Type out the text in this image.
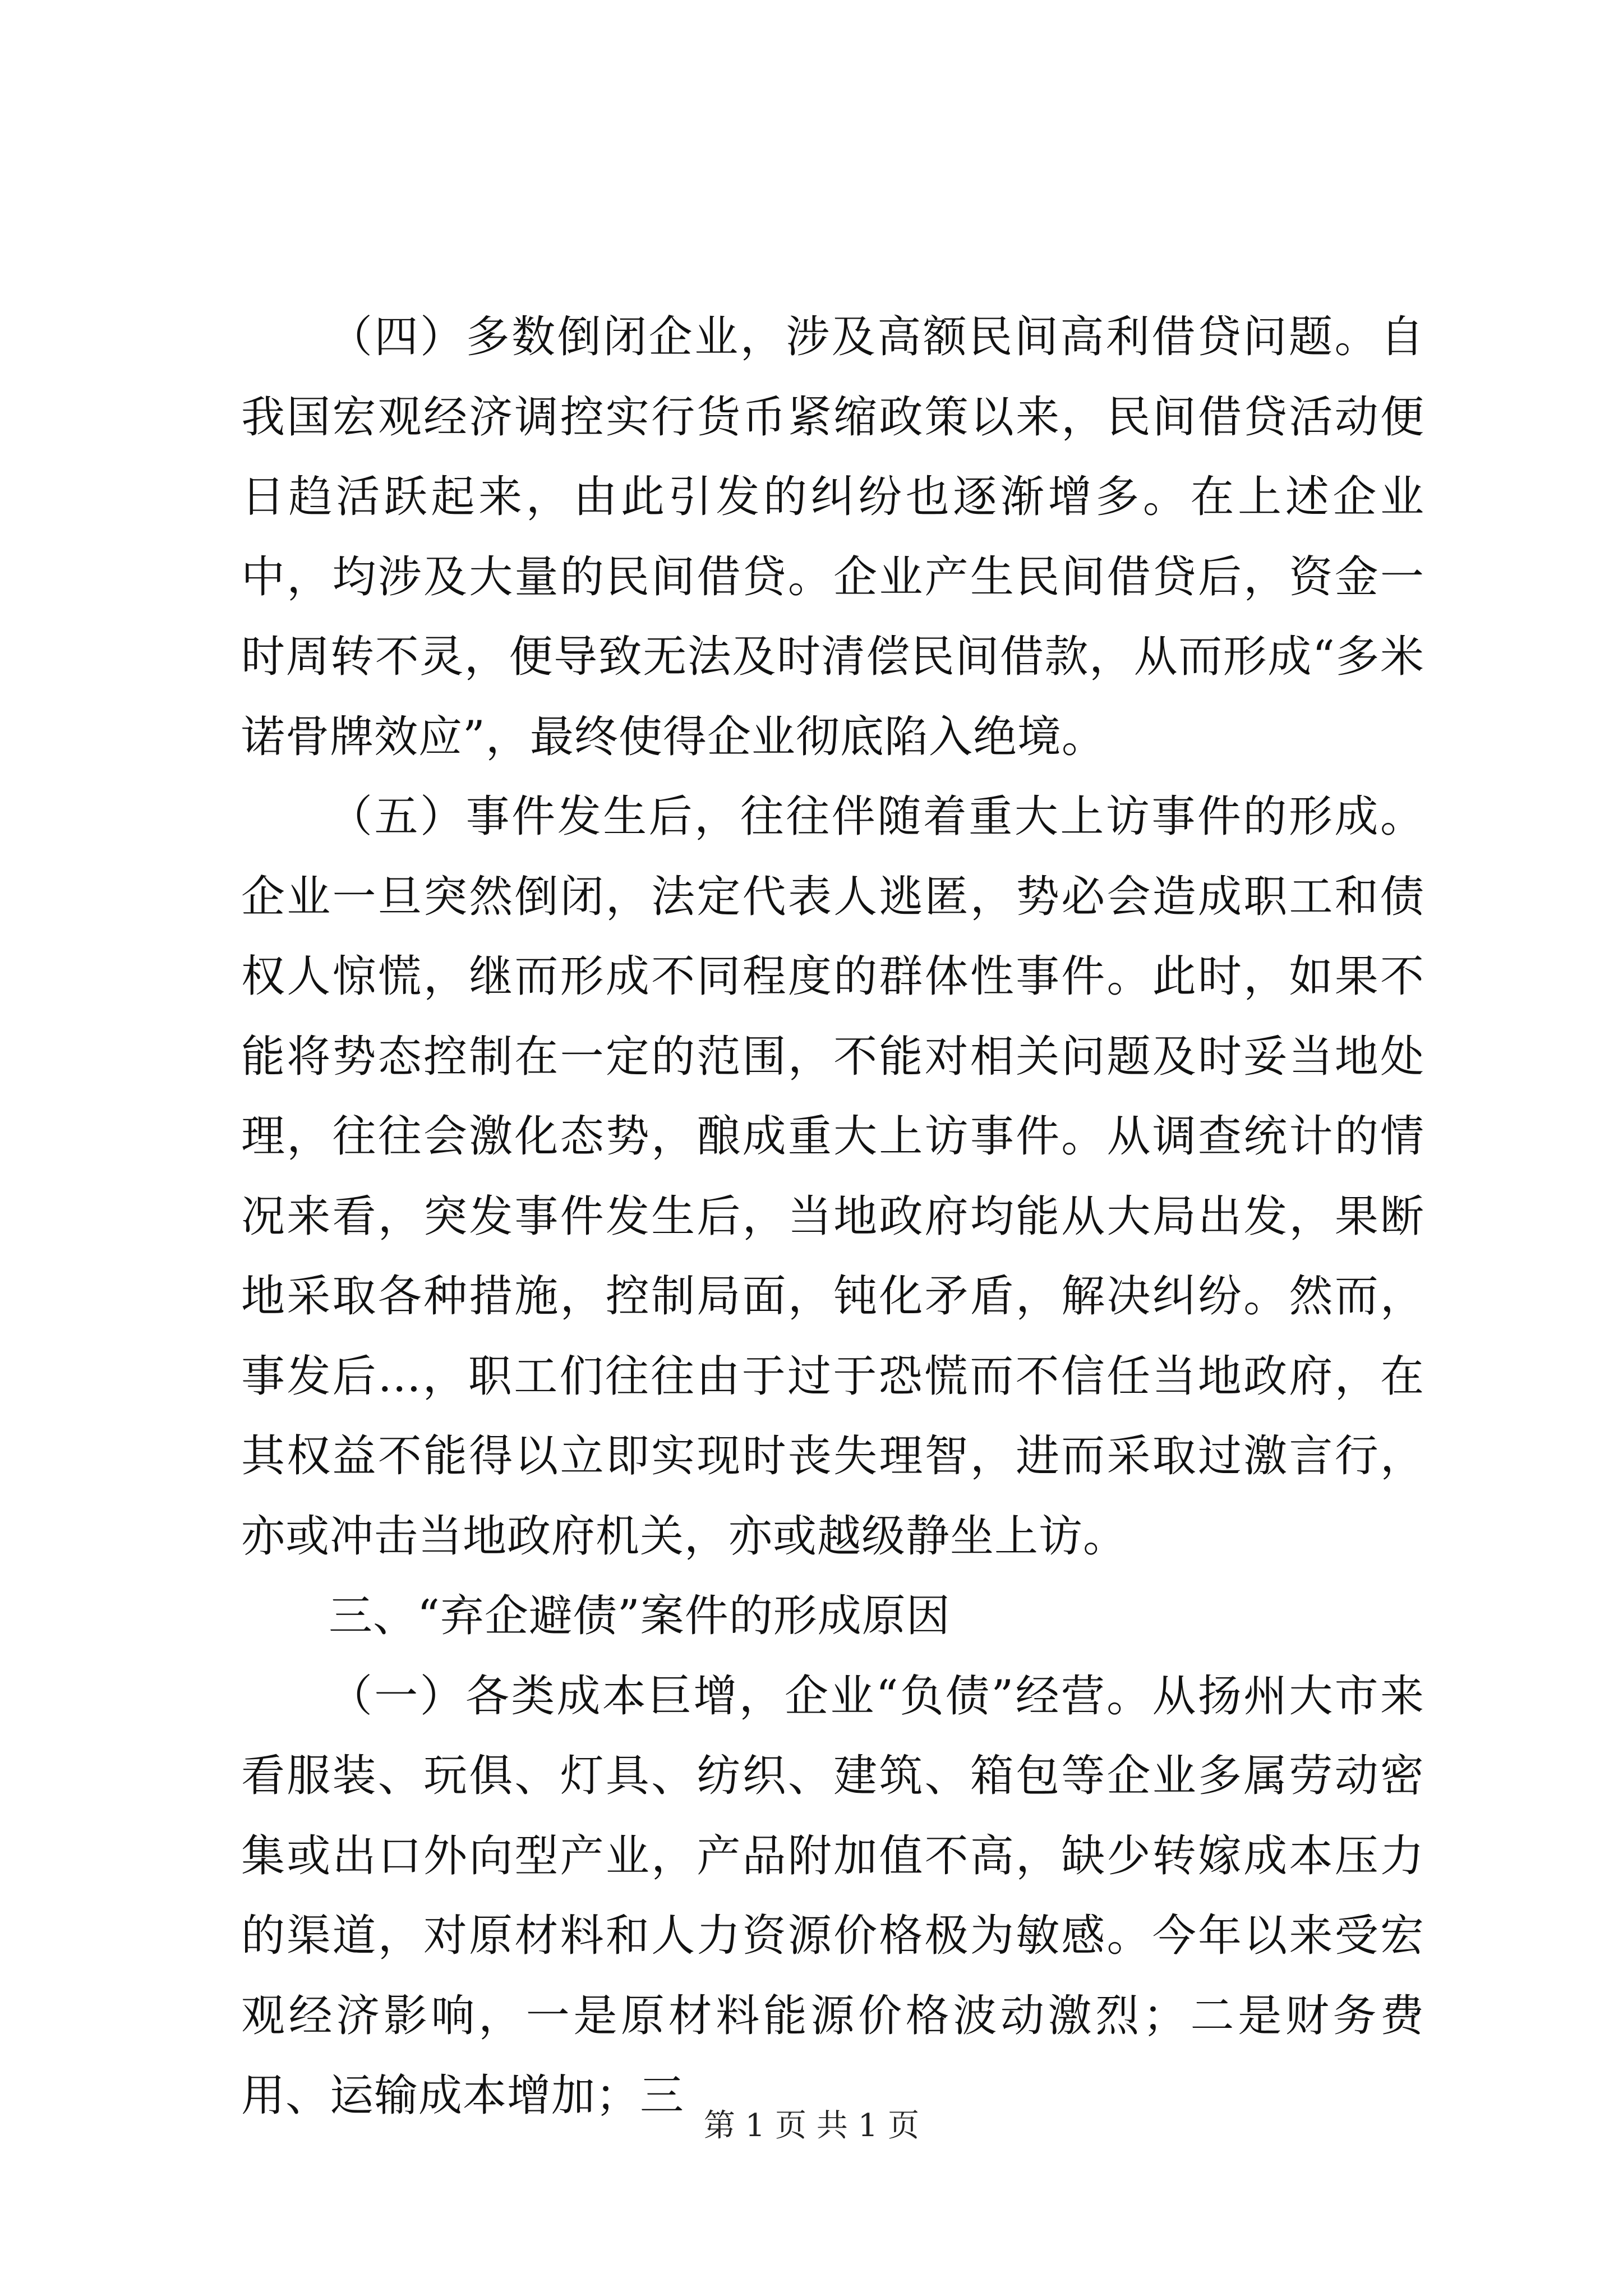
（四）多数倒闭企业，涉及高额民间高利借贷问题。自我国宏观经济调控实行货币紧缩政策以来，民间借贷活动便日趋活跃起来，由此引发的纠纷也逐渐增多。在上述企业中，均涉及大量的民间借贷。企业产生民间借贷后，资金一时周转不灵，便导致无法及时清偿民间借款，从而形成“多米诺骨牌效应”，最终使得企业彻底陷入绝境。

（五）事件发生后，往往伴随着重大上访事件的形成。企业一旦突然倒闭，法定代表人逃匿，势必会造成职工和债权人惊慌，继而形成不同程度的群体性事件。此时，如果不能将势态控制在一定的范围，不能对相关问题及时妥当地处理，往往会激化态势，酿成重大上访事件。从调查统计的情况来看，突发事件发生后，当地政府均能从大局出发，果断地采取各种措施，控制局面，钝化矛盾，解决纠纷。然而，事发后...，职工们往往由于过于恐慌而不信任当地政府，在其权益不能得以立即实现时丧失理智，进而采取过激言行，亦或冲击当地政府机关，亦或越级静坐上访。

三、“弃企避债”案件的形成原因

（一）各类成本巨增，企业“负债”经营。从扬州大市来看服装、玩俱、灯具、纺织、建筑、箱包等企业多属劳动密集或出口外向型产业，产品附加值不高，缺少转嫁成本压力的渠道，对原材料和人力资源价格极为敏感。今年以来受宏观经济影响，一是原材料能源价格波动激烈；二是财务费用、运输成本增加；三

第 1 页 共 1 页
